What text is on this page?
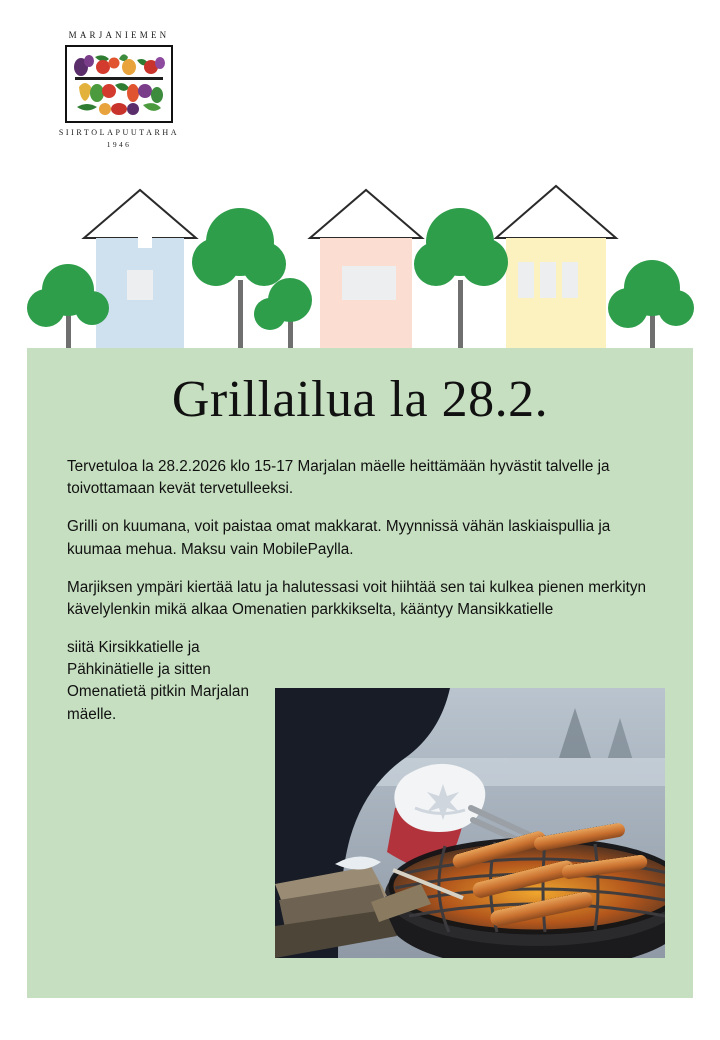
MARJANIEMEN
SIIRTOLAPUUTARHA
1946
Grillailua la 28.2.

Tervetuloa la 28.2.2026 klo 15-17 Marjalan mäelle heittämään hyvästit talvelle ja toivottamaan kevät tervetulleeksi.

Grilli on kuumana, voit paistaa omat makkarat. Myynnissä vähän laskiaispullia ja kuumaa mehua. Maksu vain MobilePaylla.

Marjiksen ympäri kiertää latu ja halutessasi voit hiihtää sen tai kulkea pienen merkityn kävelylenkin mikä alkaa Omenatien parkkikselta, kääntyy Mansikkatielle

siitä Kirsikkatielle ja Pähkinätielle ja sitten Omenatietä pitkin Marjalan mäelle.
